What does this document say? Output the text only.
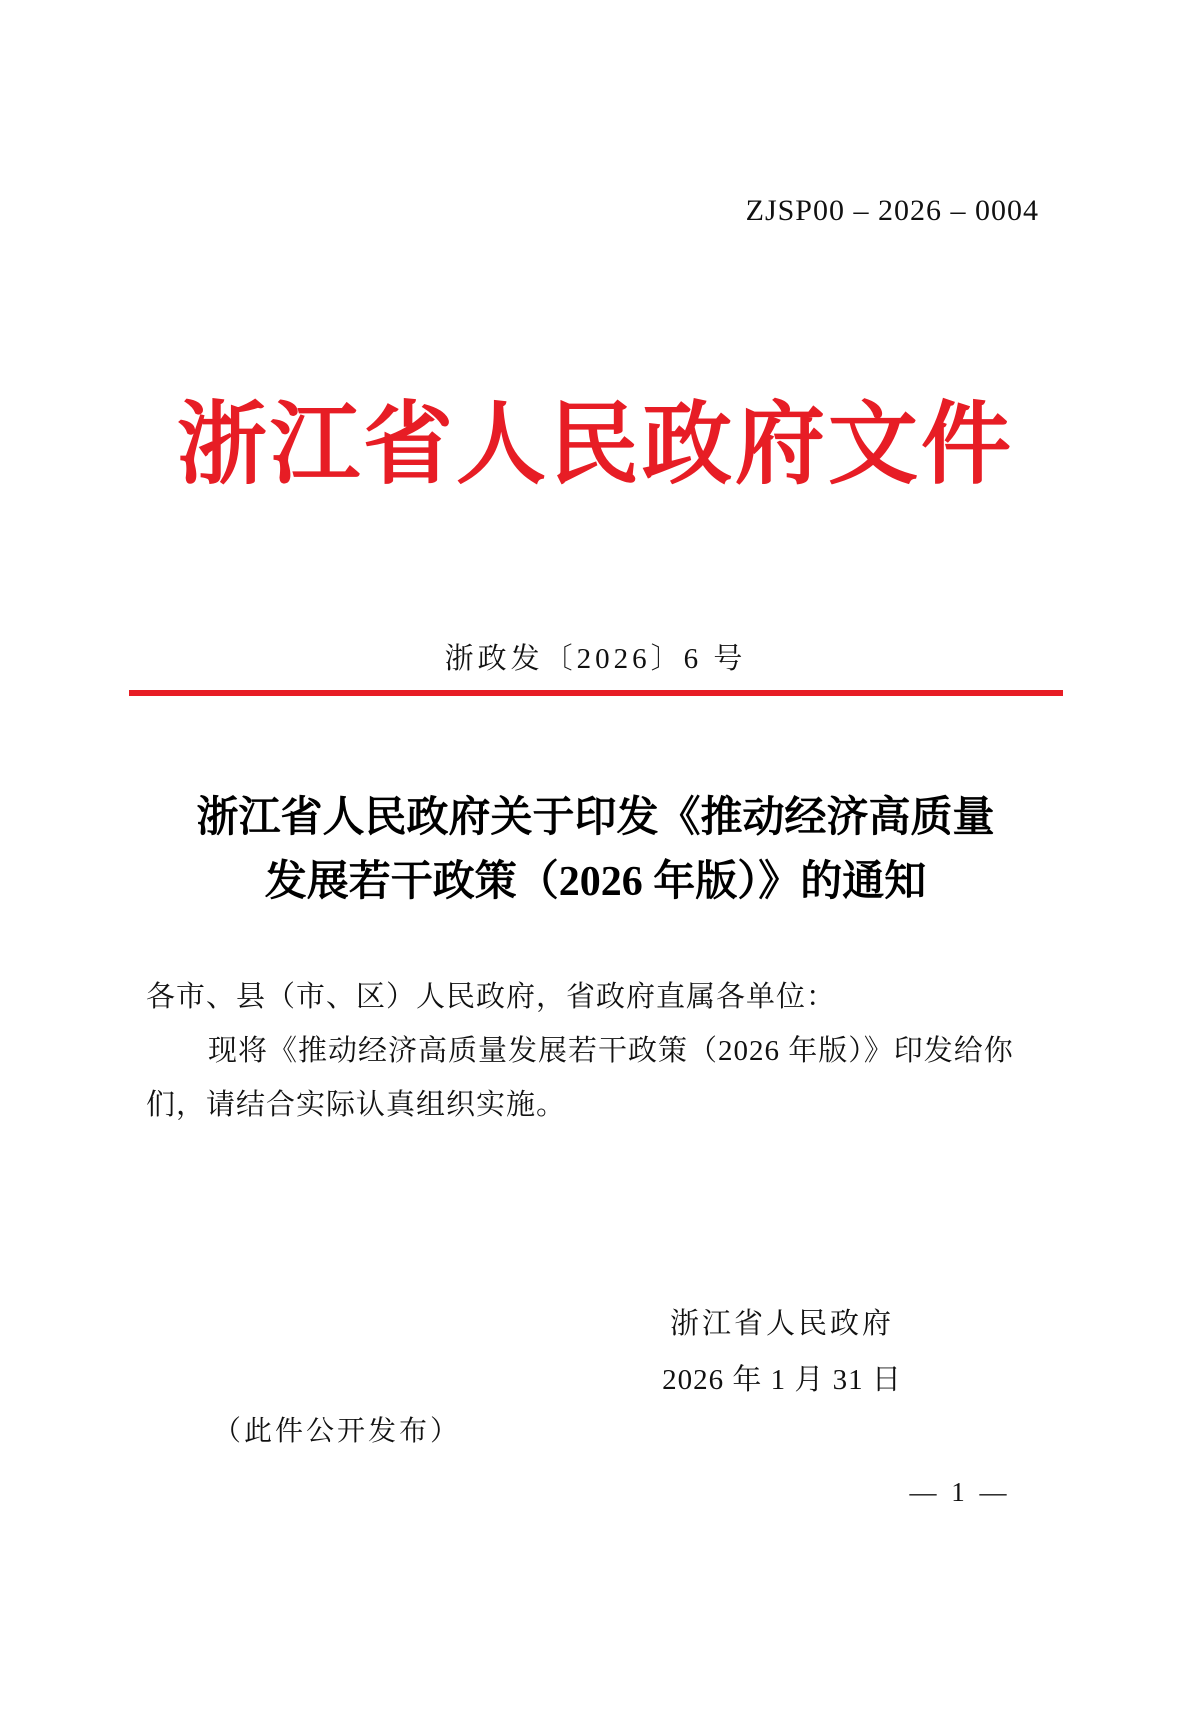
ZJSP00 – 2026 – 0004
浙江省人民政府文件
浙政发〔2026〕6 号
浙江省人民政府关于印发《推动经济高质量
发展若干政策（2026 年版）》的通知
各市、县（市、区）人民政府，省政府直属各单位：
现将《推动经济高质量发展若干政策（2026 年版）》印发给你
们，请结合实际认真组织实施。
浙江省人民政府
2026 年 1 月 31 日
（此件公开发布）
— 1 —
